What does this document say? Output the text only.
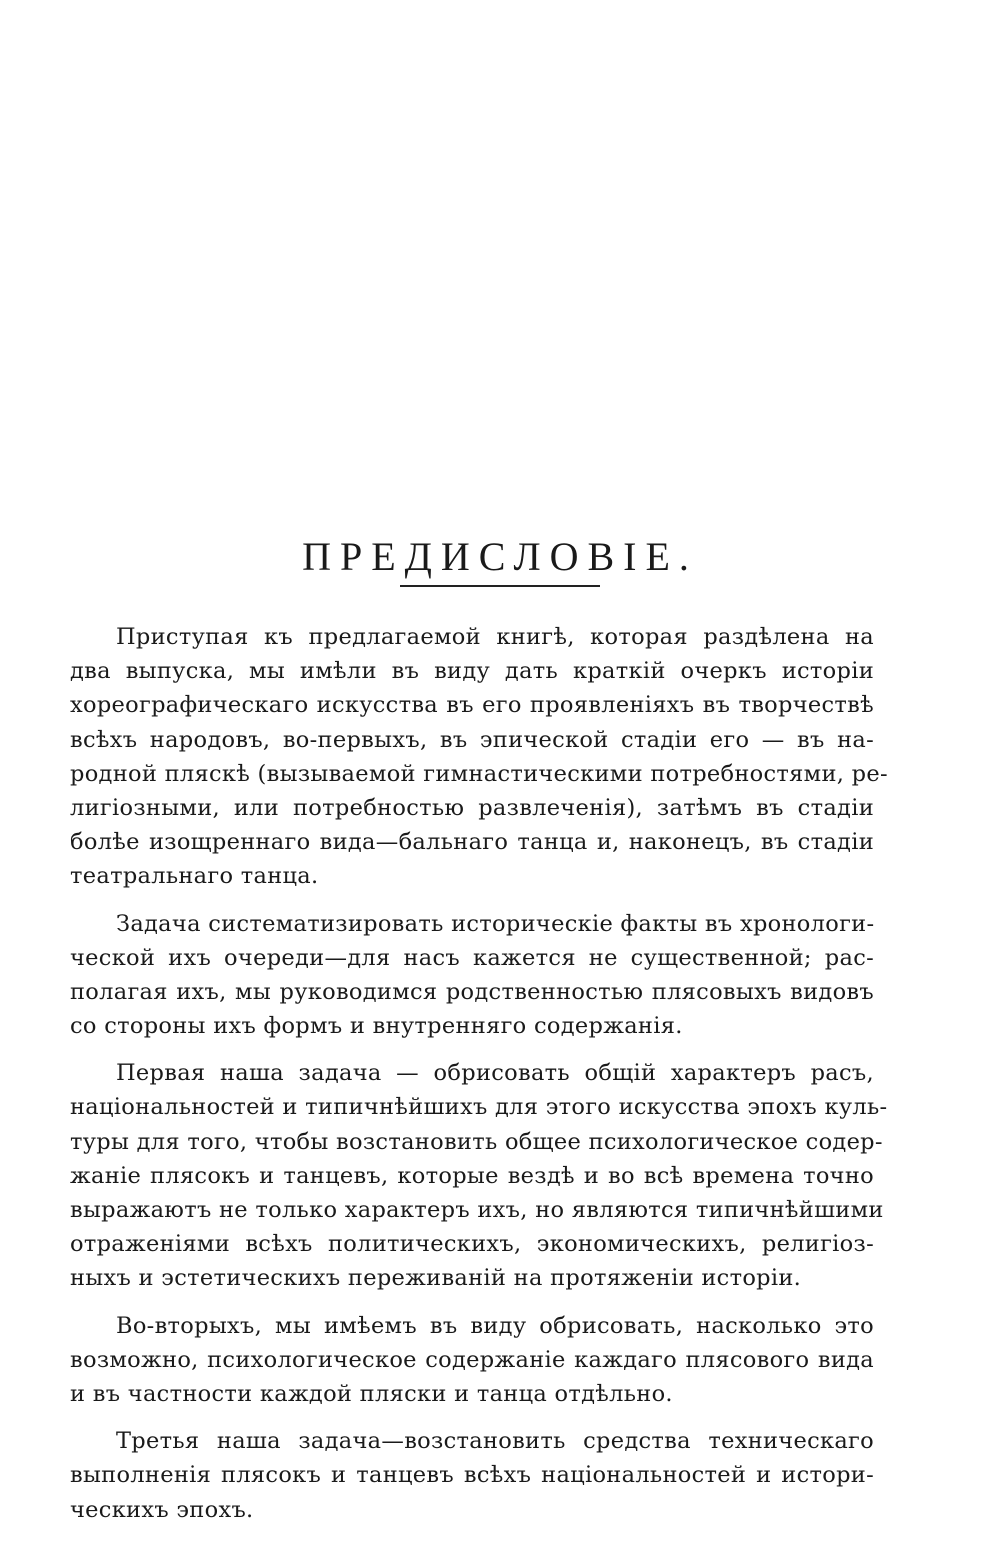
ПРЕДИСЛОВІЕ.
Приступая къ предлагаемой книгѣ, которая раздѣлена на
два выпуска, мы имѣли въ виду дать краткій очеркъ исторіи
хореографическаго искусства въ его проявленіяхъ въ творчествѣ
всѣхъ народовъ, во-первыхъ, въ эпической стадіи его — въ на-
родной пляскѣ (вызываемой гимнастическими потребностями, ре-
лигіозными, или потребностью развлеченія), затѣмъ въ стадіи
болѣе изощреннаго вида—бальнаго танца и, наконецъ, въ стадіи
театральнаго танца.
Задача систематизировать историческіе факты въ хронологи-
ческой ихъ очереди—для насъ кажется не существенной; рас-
полагая ихъ, мы руководимся родственностью плясовыхъ видовъ
со стороны ихъ формъ и внутренняго содержанія.
Первая наша задача — обрисовать общій характеръ расъ,
національностей и типичнѣйшихъ для этого искусства эпохъ куль-
туры для того, чтобы возстановить общее психологическое содер-
жаніе плясокъ и танцевъ, которые вездѣ и во всѣ времена точно
выражаютъ не только характеръ ихъ, но являются типичнѣйшими
отраженіями всѣхъ политическихъ, экономическихъ, религіоз-
ныхъ и эстетическихъ переживаній на протяженіи исторіи.
Во-вторыхъ, мы имѣемъ въ виду обрисовать, насколько это
возможно, психологическое содержаніе каждаго плясового вида
и въ частности каждой пляски и танца отдѣльно.
Третья наша задача—возстановить средства техническаго
выполненія плясокъ и танцевъ всѣхъ національностей и истори-
ческихъ эпохъ.
